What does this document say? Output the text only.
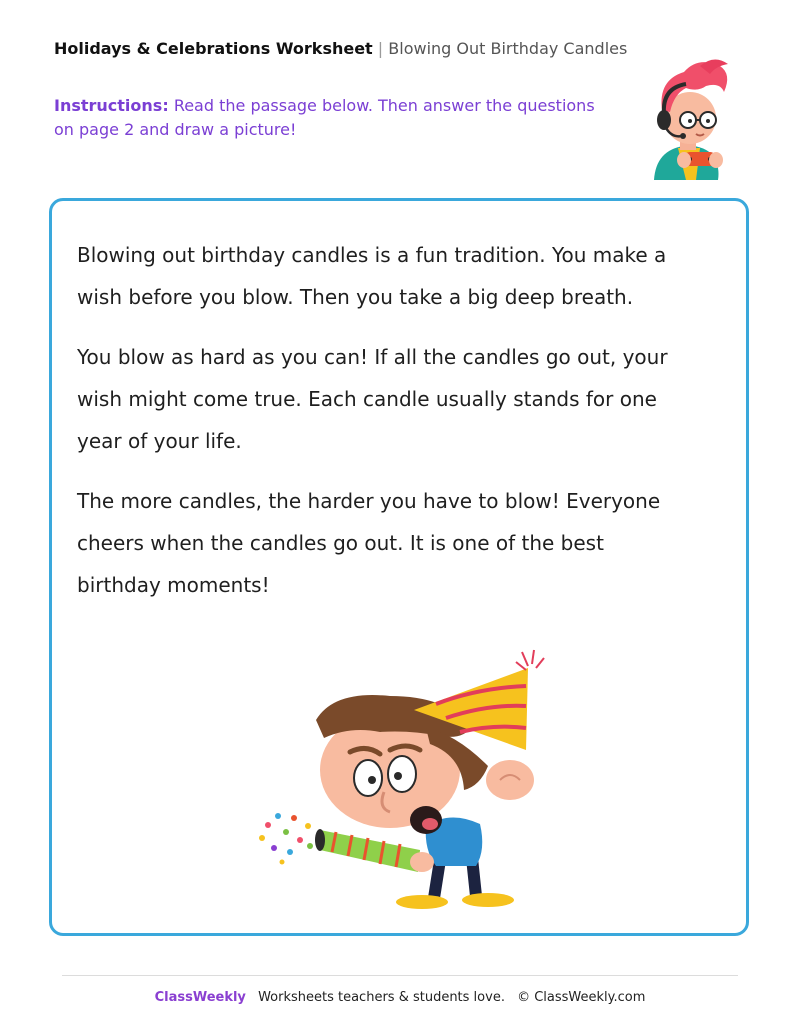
Holidays & Celebrations Worksheet | Blowing Out Birthday Candles
Instructions: Read the passage below. Then answer the questions on page 2 and draw a picture!

Blowing out birthday candles is a fun tradition. You make a wish before you blow. Then you take a big deep breath.

You blow as hard as you can! If all the candles go out, your wish might come true. Each candle usually stands for one year of your life.

The more candles, the harder you have to blow! Everyone cheers when the candles go out. It is one of the best birthday moments!

ClassWeekly Worksheets teachers & students love. © ClassWeekly.com
